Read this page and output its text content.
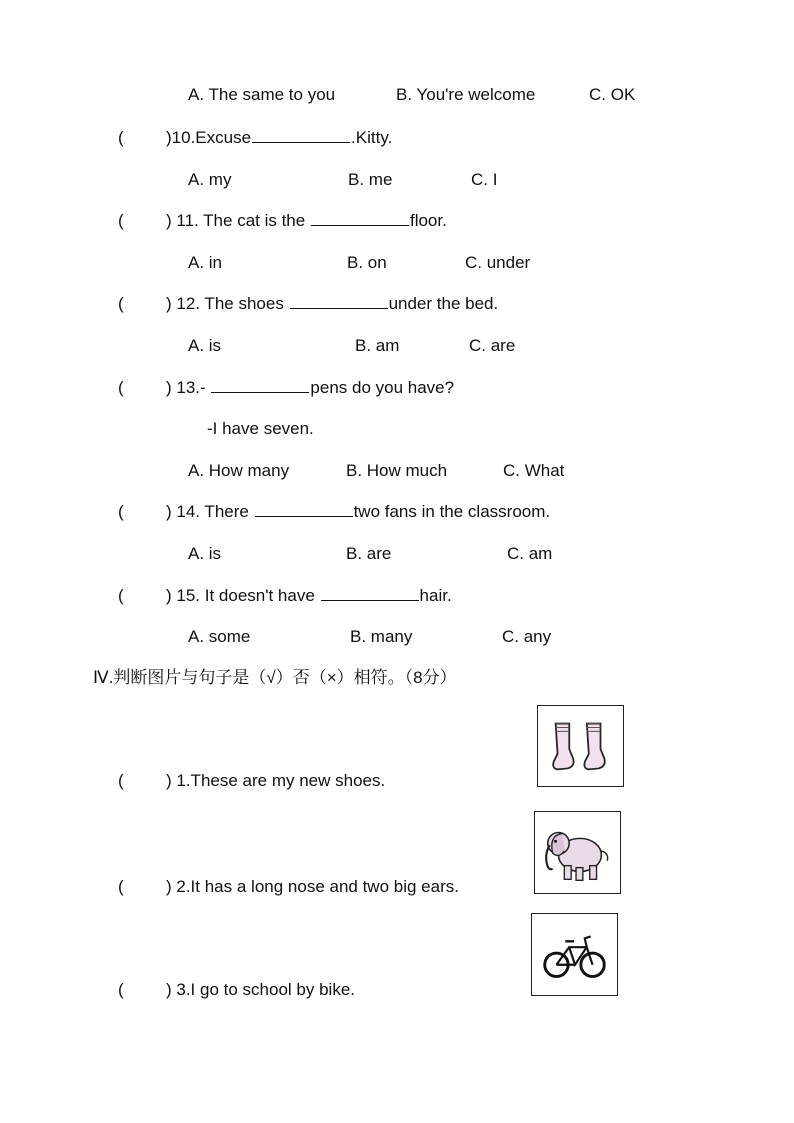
A. The same to you	B. You're welcome	C. OK
( )10.Excuse	.Kitty.
A. my	B. me	C. I
( ) 11. The cat is the	floor.
A. in	B. on	C. under
( ) 12. The shoes	under the bed.
A. is	B. am	C. are
( ) 13.-	pens do you have?
-I have seven.
A. How many	B. How much	C. What
( ) 14. There	two fans in the classroom.
A. is	B. are	C. am
( ) 15. It doesn't have	hair.
A. some	B. many	C. any
Ⅳ.判断图片与句子是（√）否（×）相符。（8分）
( ) 1.These are my new shoes.
( ) 2.It has a long nose and two big ears.
( ) 3.I go to school by bike.
